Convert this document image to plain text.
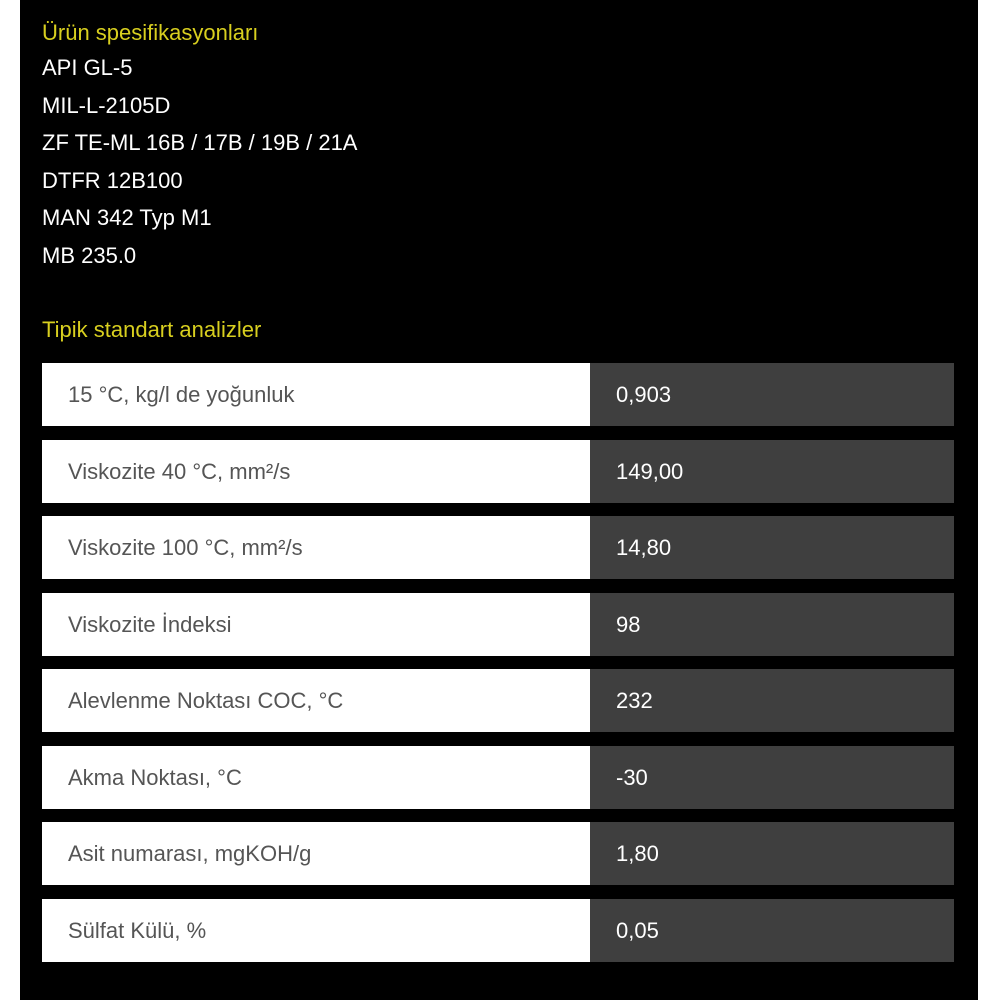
Ürün spesifikasyonları
API GL-5
MIL-L-2105D
ZF TE-ML 16B / 17B / 19B / 21A
DTFR 12B100
MAN 342 Typ M1
MB 235.0
Tipik standart analizler
15 °C, kg/l de yoğunluk	0,903
Viskozite 40 °C, mm²/s	149,00
Viskozite 100 °C, mm²/s	14,80
Viskozite İndeksi	98
Alevlenme Noktası COC, °C	232
Akma Noktası, °C	-30
Asit numarası, mgKOH/g	1,80
Sülfat Külü, %	0,05
